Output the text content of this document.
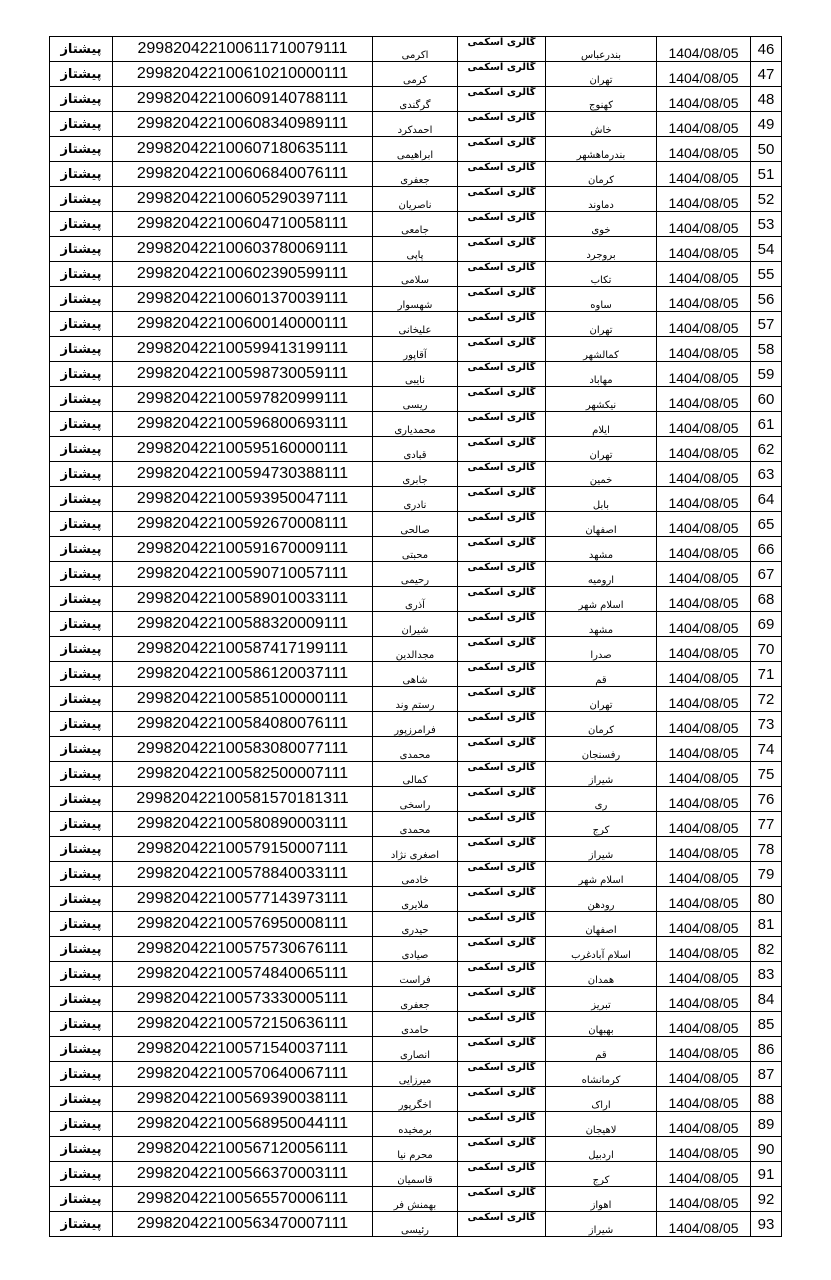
پیشتاز	299820422100611710079111	اکرمی	گالری اسکمی	بندرعباس	1404/08/05	46
پیشتاز	299820422100610210000111	کرمی	گالری اسکمی	تهران	1404/08/05	47
پیشتاز	299820422100609140788111	گرگندی	گالری اسکمی	کهنوج	1404/08/05	48
پیشتاز	299820422100608340989111	احمدکرد	گالری اسکمی	خاش	1404/08/05	49
پیشتاز	299820422100607180635111	ابراهیمی	گالری اسکمی	بندرماهشهر	1404/08/05	50
پیشتاز	299820422100606840076111	جعفری	گالری اسکمی	کرمان	1404/08/05	51
پیشتاز	299820422100605290397111	ناصریان	گالری اسکمی	دماوند	1404/08/05	52
پیشتاز	299820422100604710058111	جامعی	گالری اسکمی	خوی	1404/08/05	53
پیشتاز	299820422100603780069111	پاپی	گالری اسکمی	بروجرد	1404/08/05	54
پیشتاز	299820422100602390599111	سلامی	گالری اسکمی	تکاب	1404/08/05	55
پیشتاز	299820422100601370039111	شهسوار	گالری اسکمی	ساوه	1404/08/05	56
پیشتاز	299820422100600140000111	علیخانی	گالری اسکمی	تهران	1404/08/05	57
پیشتاز	299820422100599413199111	آقاپور	گالری اسکمی	کمالشهر	1404/08/05	58
پیشتاز	299820422100598730059111	نایبی	گالری اسکمی	مهاباد	1404/08/05	59
پیشتاز	299820422100597820999111	ریسی	گالری اسکمی	نیکشهر	1404/08/05	60
پیشتاز	299820422100596800693111	محمدیاری	گالری اسکمی	ایلام	1404/08/05	61
پیشتاز	299820422100595160000111	قبادی	گالری اسکمی	تهران	1404/08/05	62
پیشتاز	299820422100594730388111	جابری	گالری اسکمی	خمین	1404/08/05	63
پیشتاز	299820422100593950047111	نادری	گالری اسکمی	بابل	1404/08/05	64
پیشتاز	299820422100592670008111	صالحی	گالری اسکمی	اصفهان	1404/08/05	65
پیشتاز	299820422100591670009111	محبتی	گالری اسکمی	مشهد	1404/08/05	66
پیشتاز	299820422100590710057111	رحیمی	گالری اسکمی	ارومیه	1404/08/05	67
پیشتاز	299820422100589010033111	آذری	گالری اسکمی	اسلام شهر	1404/08/05	68
پیشتاز	299820422100588320009111	شیران	گالری اسکمی	مشهد	1404/08/05	69
پیشتاز	299820422100587417199111	مجدالدین	گالری اسکمی	صدرا	1404/08/05	70
پیشتاز	299820422100586120037111	شاهی	گالری اسکمی	قم	1404/08/05	71
پیشتاز	299820422100585100000111	رستم وند	گالری اسکمی	تهران	1404/08/05	72
پیشتاز	299820422100584080076111	فرامرزپور	گالری اسکمی	کرمان	1404/08/05	73
پیشتاز	299820422100583080077111	محمدی	گالری اسکمی	رفسنجان	1404/08/05	74
پیشتاز	299820422100582500007111	کمالی	گالری اسکمی	شیراز	1404/08/05	75
پیشتاز	299820422100581570181311	راسخی	گالری اسکمی	ری	1404/08/05	76
پیشتاز	299820422100580890003111	محمدی	گالری اسکمی	کرج	1404/08/05	77
پیشتاز	299820422100579150007111	اصغری نژاد	گالری اسکمی	شیراز	1404/08/05	78
پیشتاز	299820422100578840033111	خادمی	گالری اسکمی	اسلام شهر	1404/08/05	79
پیشتاز	299820422100577143973111	ملایری	گالری اسکمی	رودهن	1404/08/05	80
پیشتاز	299820422100576950008111	حیدری	گالری اسکمی	اصفهان	1404/08/05	81
پیشتاز	299820422100575730676111	صیادی	گالری اسکمی	اسلام آبادغرب	1404/08/05	82
پیشتاز	299820422100574840065111	فراست	گالری اسکمی	همدان	1404/08/05	83
پیشتاز	299820422100573330005111	جعفری	گالری اسکمی	تبریز	1404/08/05	84
پیشتاز	299820422100572150636111	حامدی	گالری اسکمی	بهبهان	1404/08/05	85
پیشتاز	299820422100571540037111	انصاری	گالری اسکمی	قم	1404/08/05	86
پیشتاز	299820422100570640067111	میرزایی	گالری اسکمی	کرمانشاه	1404/08/05	87
پیشتاز	299820422100569390038111	اخگرپور	گالری اسکمی	اراک	1404/08/05	88
پیشتاز	299820422100568950044111	برمخیده	گالری اسکمی	لاهیجان	1404/08/05	89
پیشتاز	299820422100567120056111	محرم نیا	گالری اسکمی	اردبیل	1404/08/05	90
پیشتاز	299820422100566370003111	قاسمیان	گالری اسکمی	کرج	1404/08/05	91
پیشتاز	299820422100565570006111	بهمنش فر	گالری اسکمی	اهواز	1404/08/05	92
پیشتاز	299820422100563470007111	رئیسی	گالری اسکمی	شیراز	1404/08/05	93
